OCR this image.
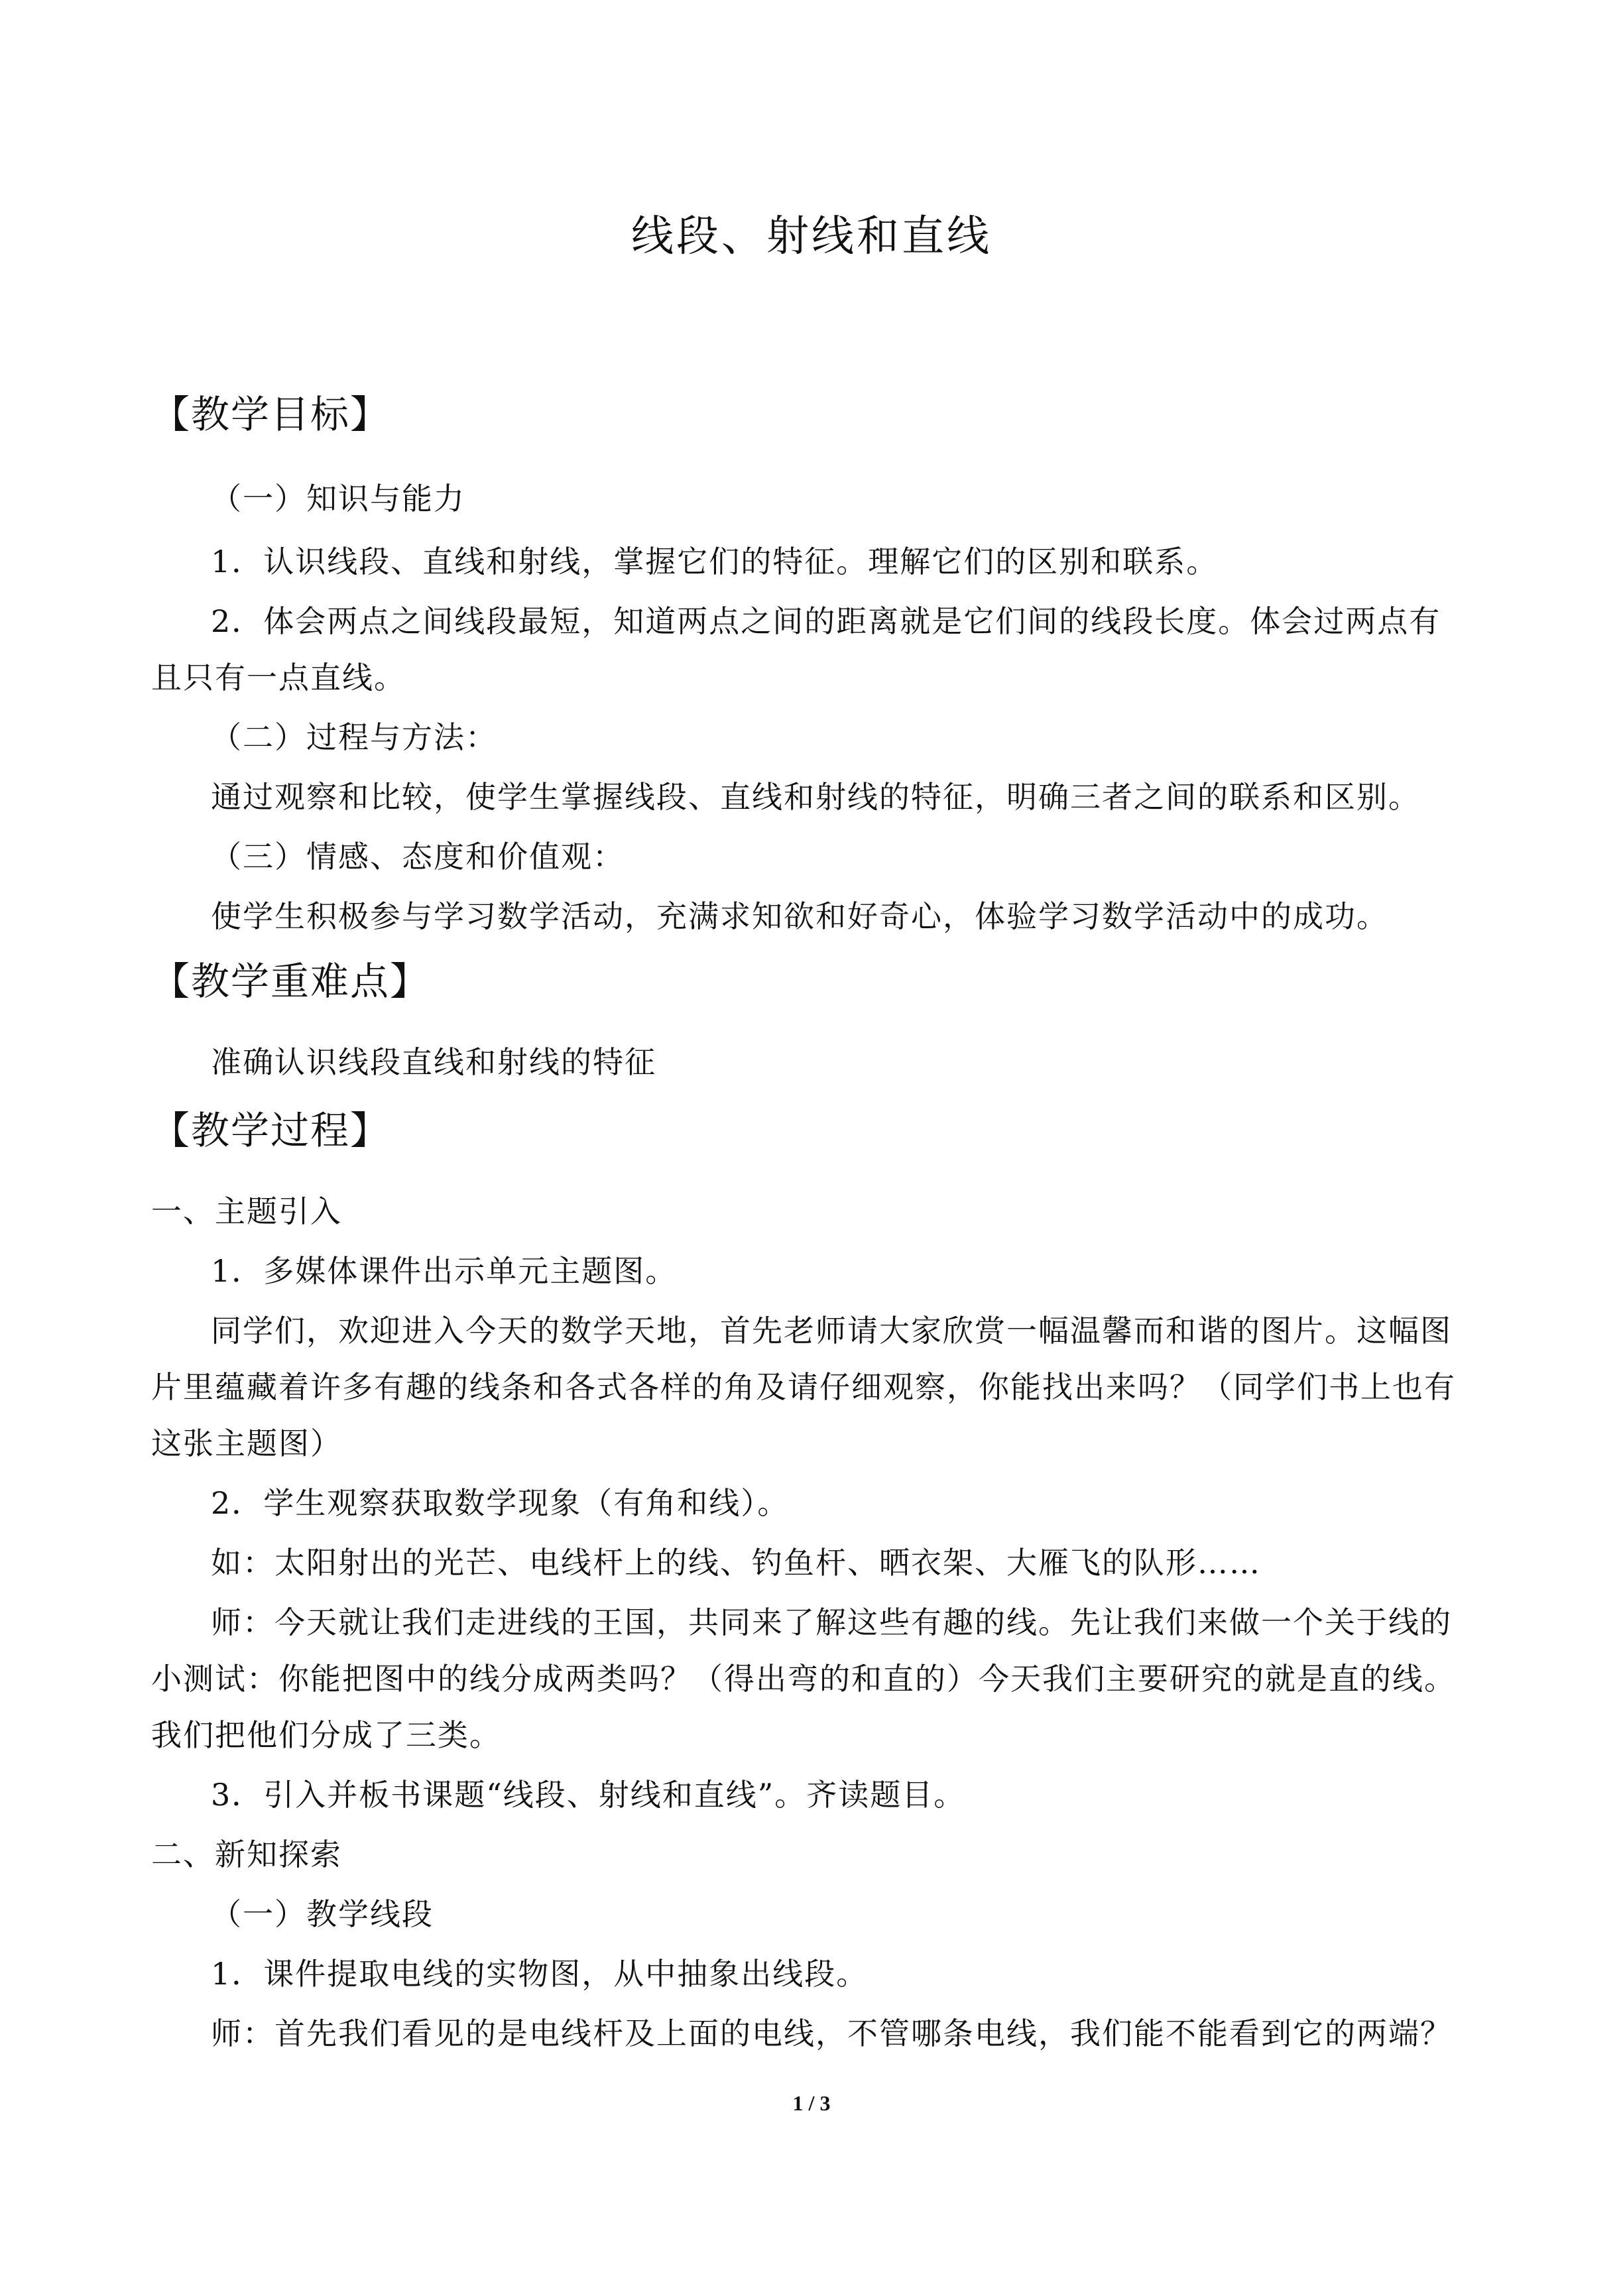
线段、射线和直线
【教学目标】
（一）知识与能力
1．认识线段、直线和射线，掌握它们的特征。理解它们的区别和联系。
2．体会两点之间线段最短，知道两点之间的距离就是它们间的线段长度。体会过两点有
且只有一点直线。
（二）过程与方法：
通过观察和比较，使学生掌握线段、直线和射线的特征，明确三者之间的联系和区别。
（三）情感、态度和价值观：
使学生积极参与学习数学活动，充满求知欲和好奇心，体验学习数学活动中的成功。
【教学重难点】
准确认识线段直线和射线的特征
【教学过程】
一、主题引入
1．多媒体课件出示单元主题图。
同学们，欢迎进入今天的数学天地，首先老师请大家欣赏一幅温馨而和谐的图片。这幅图
片里蕴藏着许多有趣的线条和各式各样的角及请仔细观察，你能找出来吗？（同学们书上也有
这张主题图）
2．学生观察获取数学现象（有角和线）。
如：太阳射出的光芒、电线杆上的线、钓鱼杆、晒衣架、大雁飞的队形……
师：今天就让我们走进线的王国，共同来了解这些有趣的线。先让我们来做一个关于线的
小测试：你能把图中的线分成两类吗？（得出弯的和直的）今天我们主要研究的就是直的线。
我们把他们分成了三类。
3．引入并板书课题“线段、射线和直线”。齐读题目。
二、新知探索
（一）教学线段
1．课件提取电线的实物图，从中抽象出线段。
师：首先我们看见的是电线杆及上面的电线，不管哪条电线，我们能不能看到它的两端？
1 / 3
